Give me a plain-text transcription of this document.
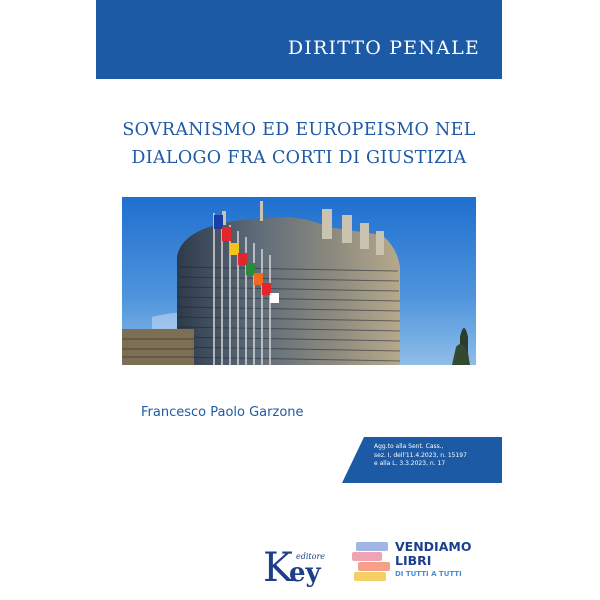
DIRITTO PENALE
SOVRANISMO ED EUROPEISMO NEL
DIALOGO FRA CORTI DI GIUSTIZIA
Francesco Paolo Garzone
Agg.to alla Sent. Cass.,
sez. I, dell'11.4.2023, n. 15197
e alla L. 3.3.2023, n. 17
K editore
ey
VENDIAMO
LIBRI
DI TUTTI A TUTTI
